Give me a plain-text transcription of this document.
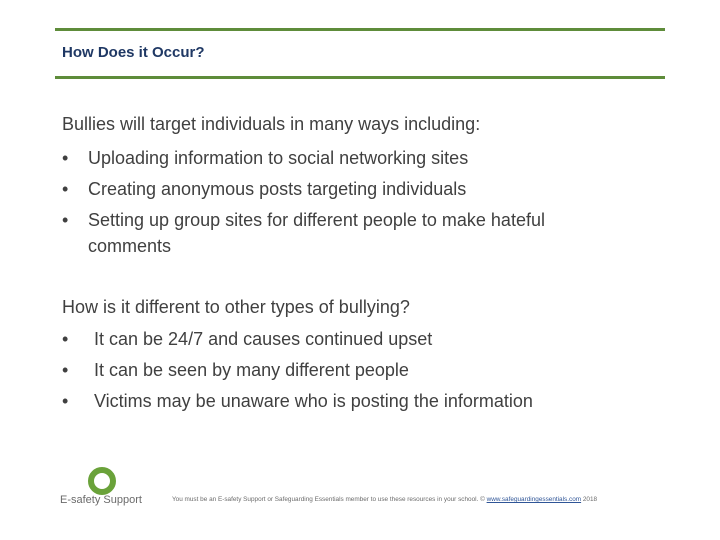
How Does it Occur?

Bullies will target individuals in many ways including:

• Uploading information to social networking sites
• Creating anonymous posts targeting individuals
• Setting up group sites for different people to make hateful comments

How is it different to other types of bullying?

• It can be 24/7 and causes continued upset
• It can be seen by many different people
• Victims may be unaware who is posting the information
E-safety Support	You must be an E-safety Support or Safeguarding Essentials member to use these resources in your school. © www.safeguardingessentials.com 2018
